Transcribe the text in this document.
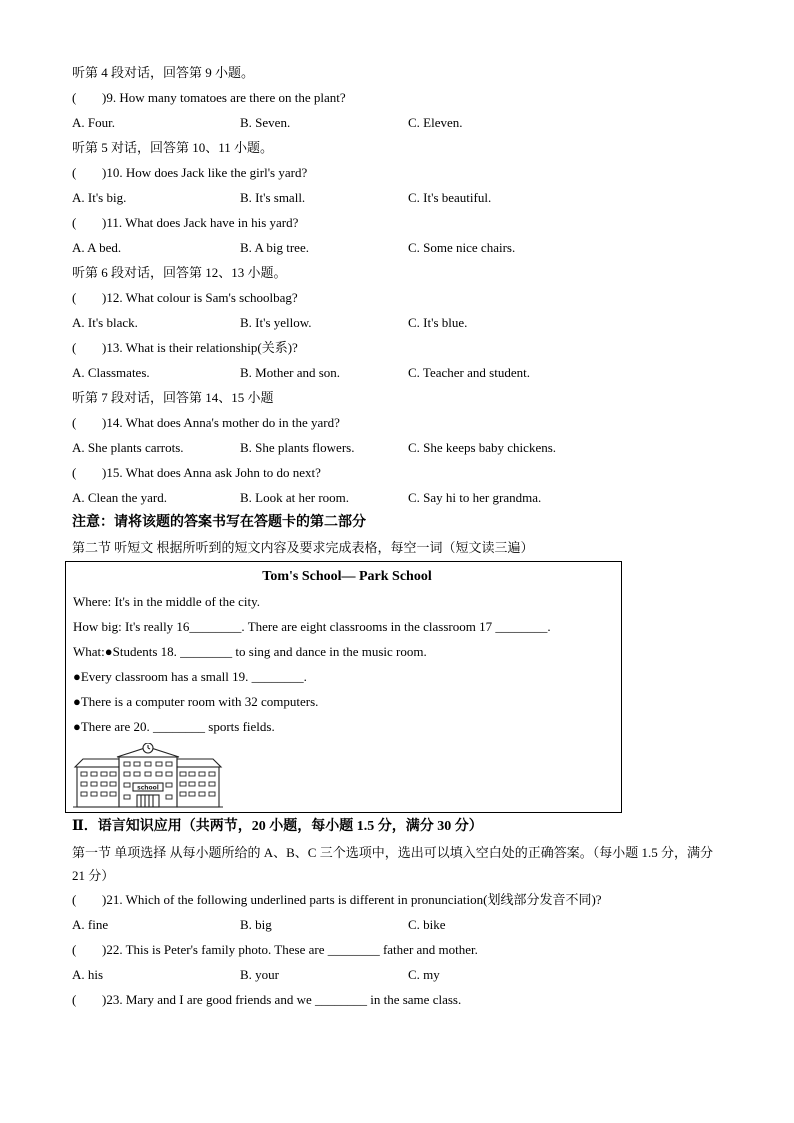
听第 4 段对话，回答第 9 小题。
(	)9. How many tomatoes are there on the plant?
A. Four.	B. Seven.	C. Eleven.
听第 5 对话，回答第 10、11 小题。
(	)10. How does Jack like the girl's yard?
A. It's big.	B. It's small.	C. It's beautiful.
(	)11. What does Jack have in his yard?
A. A bed.	B. A big tree.	C. Some nice chairs.
听第 6 段对话，回答第 12、13 小题。
(	)12. What colour is Sam's schoolbag?
A. It's black.	B. It's yellow.	C. It's blue.
(	)13. What is their relationship(关系)?
A. Classmates.	B. Mother and son.	C. Teacher and student.
听第 7 段对话，回答第 14、15 小题
(	)14. What does Anna's mother do in the yard?
A. She plants carrots.	B. She plants flowers.	C. She keeps baby chickens.
(	)15. What does Anna ask John to do next?
A. Clean the yard.	B. Look at her room.	C. Say hi to her grandma.
注意：请将该题的答案书写在答题卡的第二部分
第二节 听短文 根据所听到的短文内容及要求完成表格，每空一词（短文读三遍）
Tom's School— Park School
Where: It's in the middle of the city.
How big: It's really 16________. There are eight classrooms in the classroom 17 ________.
What:●Students 18. ________ to sing and dance in the music room.
●Every classroom has a small 19. ________.
●There is a computer room with 32 computers.
●There are 20. ________ sports fields.
school
Ⅱ．语言知识应用（共两节，20 小题，每小题 1.5 分，满分 30 分）
第一节 单项选择 从每小题所给的 A、B、C 三个选项中，选出可以填入空白处的正确答案。（每小题 1.5 分，满分 21 分）
(	)21. Which of the following underlined parts is different in pronunciation(划线部分发音不同)?
A. fine	B. big	C. bike
(	)22. This is Peter's family photo. These are ________ father and mother.
A. his	B. your	C. my
(	)23. Mary and I are good friends and we ________ in the same class.
